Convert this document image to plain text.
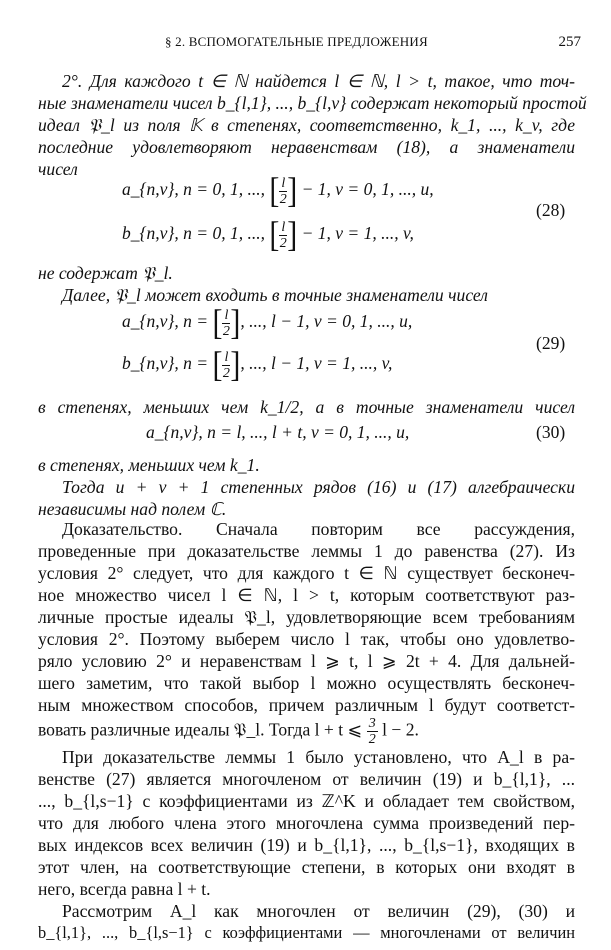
§ 2. ВСПОМОГАТЕЛЬНЫЕ ПРЕДЛОЖЕНИЯ	257
2°. Для каждого t ∈ ℕ найдется l ∈ ℕ, l > t, такое, что точ-
ные знаменатели чисел b_{l,1}, ..., b_{l,v} содержат некоторый простой
идеал 𝔓_l из поля 𝕂 в степенях, соответственно, k_1, ..., k_v, где
последние удовлетворяют неравенствам (18), а знаменатели
чисел
a_{n,ν}, n = 0, 1, ..., [ $\frac{l}{2}$ ] − 1, ν = 0, 1, ..., u,
b_{n,ν}, n = 0, 1, ..., [ $\frac{l}{2}$ ] − 1, ν = 1, ..., v,
(28)
не содержат 𝔓_l.
Далее, 𝔓_l может входить в точные знаменатели чисел
a_{n,ν}, n = [ $\frac{l}{2}$ ], ..., l − 1, ν = 0, 1, ..., u,
b_{n,ν}, n = [ $\frac{l}{2}$ ], ..., l − 1, ν = 1, ..., v,
(29)
в степенях, меньших чем k_1/2, а в точные знаменатели чисел
a_{n,ν}, n = l, ..., l + t, ν = 0, 1, ..., u,	(30)
в степенях, меньших чем k_1.
Тогда u + v + 1 степенных рядов (16) и (17) алгебраически
независимы над полем ℂ.
Доказательство. Сначала повторим все рассуждения,
проведенные при доказательстве леммы 1 до равенства (27). Из
условия 2° следует, что для каждого t ∈ ℕ существует бесконеч-
ное множество чисел l ∈ ℕ, l > t, которым соответствуют раз-
личные простые идеалы 𝔓_l, удовлетворяющие всем требованиям
условия 2°. Поэтому выберем число l так, чтобы оно удовлетво-
ряло условию 2° и неравенствам l ⩾ t, l ⩾ 2t + 4. Для дальней-
шего заметим, что такой выбор l можно осуществлять бесконеч-
ным множеством способов, причем различным l будут соответст-
вовать различные идеалы 𝔓_l. Тогда l + t ⩽ $\frac{3}{2}$ l − 2.
При доказательстве леммы 1 было установлено, что A_l в ра-
венстве (27) является многочленом от величин (19) и b_{l,1}, ...
..., b_{l,s−1} с коэффициентами из ℤ^K и обладает тем свойством,
что для любого члена этого многочлена сумма произведений пер-
вых индексов всех величин (19) и b_{l,1}, ..., b_{l,s−1}, входящих в
этот член, на соответствующие степени, в которых они входят в
него, всегда равна l + t.
Рассмотрим A_l как многочлен от величин (29), (30) и
b_{l,1}, ..., b_{l,s−1} с коэффициентами — многочленами от величин
